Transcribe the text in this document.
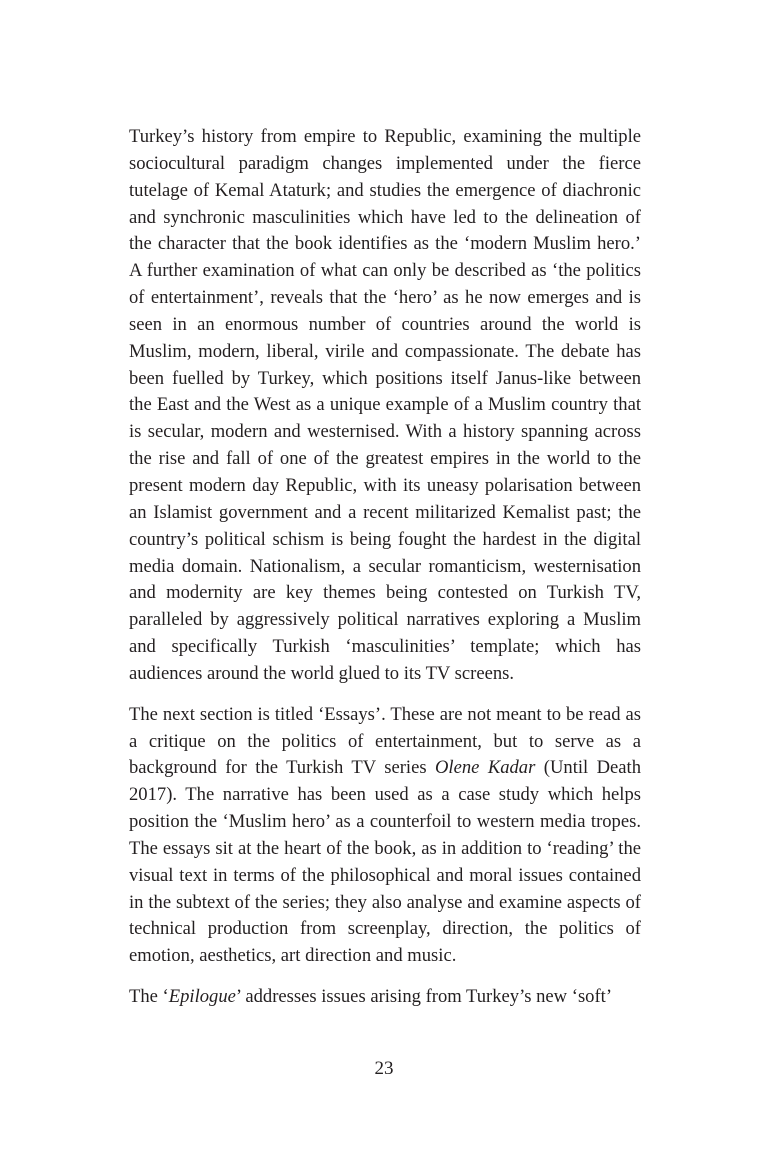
Turkey’s history from empire to Republic, examining the multiple sociocultural paradigm changes implemented under the fierce tutelage of Kemal Ataturk; and studies the emergence of diachronic and synchronic masculinities which have led to the delineation of the character that the book identifies as the ‘modern Muslim hero.’ A further examination of what can only be described as ‘the politics of entertainment’, reveals that the ‘hero’ as he now emerges and is seen in an enormous number of countries around the world is Muslim, modern, liberal, virile and compassionate. The debate has been fuelled by Turkey, which positions itself Janus-like between the East and the West as a unique example of a Muslim country that is secular, modern and westernised. With a history spanning across the rise and fall of one of the greatest empires in the world to the present modern day Republic, with its uneasy polarisation between an Islamist government and a recent militarized Kemalist past; the country’s political schism is being fought the hardest in the digital media domain. Nationalism, a secular romanticism, westernisation and modernity are key themes being contested on Turkish TV, paralleled by aggressively political narratives exploring a Muslim and specifically Turkish ‘masculinities’ template; which has audiences around the world glued to its TV screens.

The next section is titled ‘Essays’. These are not meant to be read as a critique on the politics of entertainment, but to serve as a background for the Turkish TV series Olene Kadar (Until Death 2017). The narrative has been used as a case study which helps position the ‘Muslim hero’ as a counterfoil to western media tropes. The essays sit at the heart of the book, as in addition to ‘reading’ the visual text in terms of the philosophical and moral issues contained in the subtext of the series; they also analyse and examine aspects of technical production from screenplay, direction, the politics of emotion, aesthetics, art direction and music.

The ‘Epilogue’ addresses issues arising from Turkey’s new ‘soft’

23
